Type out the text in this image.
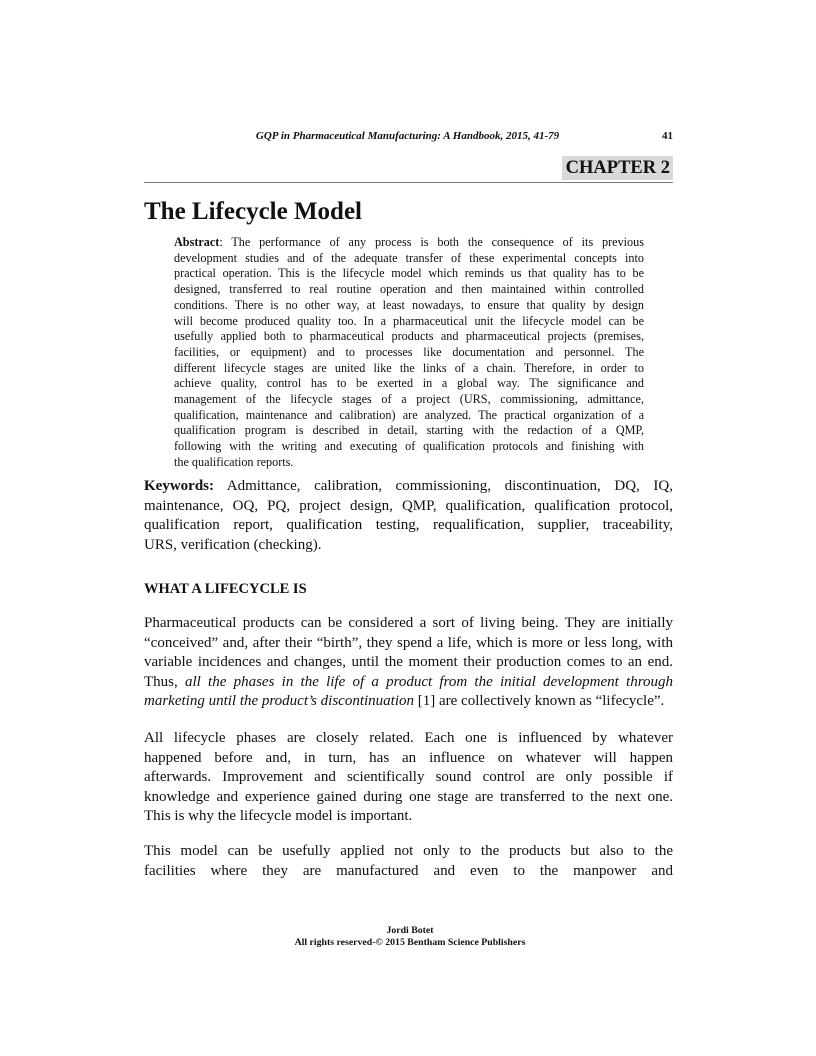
GQP in Pharmaceutical Manufacturing: A Handbook, 2015, 41-79	41
CHAPTER 2
The Lifecycle Model
Abstract: The performance of any process is both the consequence of its previous
development studies and of the adequate transfer of these experimental concepts into
practical operation. This is the lifecycle model which reminds us that quality has to be
designed, transferred to real routine operation and then maintained within controlled
conditions. There is no other way, at least nowadays, to ensure that quality by design
will become produced quality too. In a pharmaceutical unit the lifecycle model can be
usefully applied both to pharmaceutical products and pharmaceutical projects (premises,
facilities, or equipment) and to processes like documentation and personnel. The
different lifecycle stages are united like the links of a chain. Therefore, in order to
achieve quality, control has to be exerted in a global way. The significance and
management of the lifecycle stages of a project (URS, commissioning, admittance,
qualification, maintenance and calibration) are analyzed. The practical organization of a
qualification program is described in detail, starting with the redaction of a QMP,
following with the writing and executing of qualification protocols and finishing with
the qualification reports.
Keywords: Admittance, calibration, commissioning, discontinuation, DQ, IQ,
maintenance, OQ, PQ, project design, QMP, qualification, qualification protocol,
qualification report, qualification testing, requalification, supplier, traceability,
URS, verification (checking).
WHAT A LIFECYCLE IS
Pharmaceutical products can be considered a sort of living being. They are initially
“conceived” and, after their “birth”, they spend a life, which is more or less long, with
variable incidences and changes, until the moment their production comes to an end.
Thus, all the phases in the life of a product from the initial development through
marketing until the product’s discontinuation [1] are collectively known as “lifecycle”.
All lifecycle phases are closely related. Each one is influenced by whatever
happened before and, in turn, has an influence on whatever will happen
afterwards. Improvement and scientifically sound control are only possible if
knowledge and experience gained during one stage are transferred to the next one.
This is why the lifecycle model is important.
This model can be usefully applied not only to the products but also to the
facilities where they are manufactured and even to the manpower and
Jordi Botet
All rights reserved-© 2015 Bentham Science Publishers
